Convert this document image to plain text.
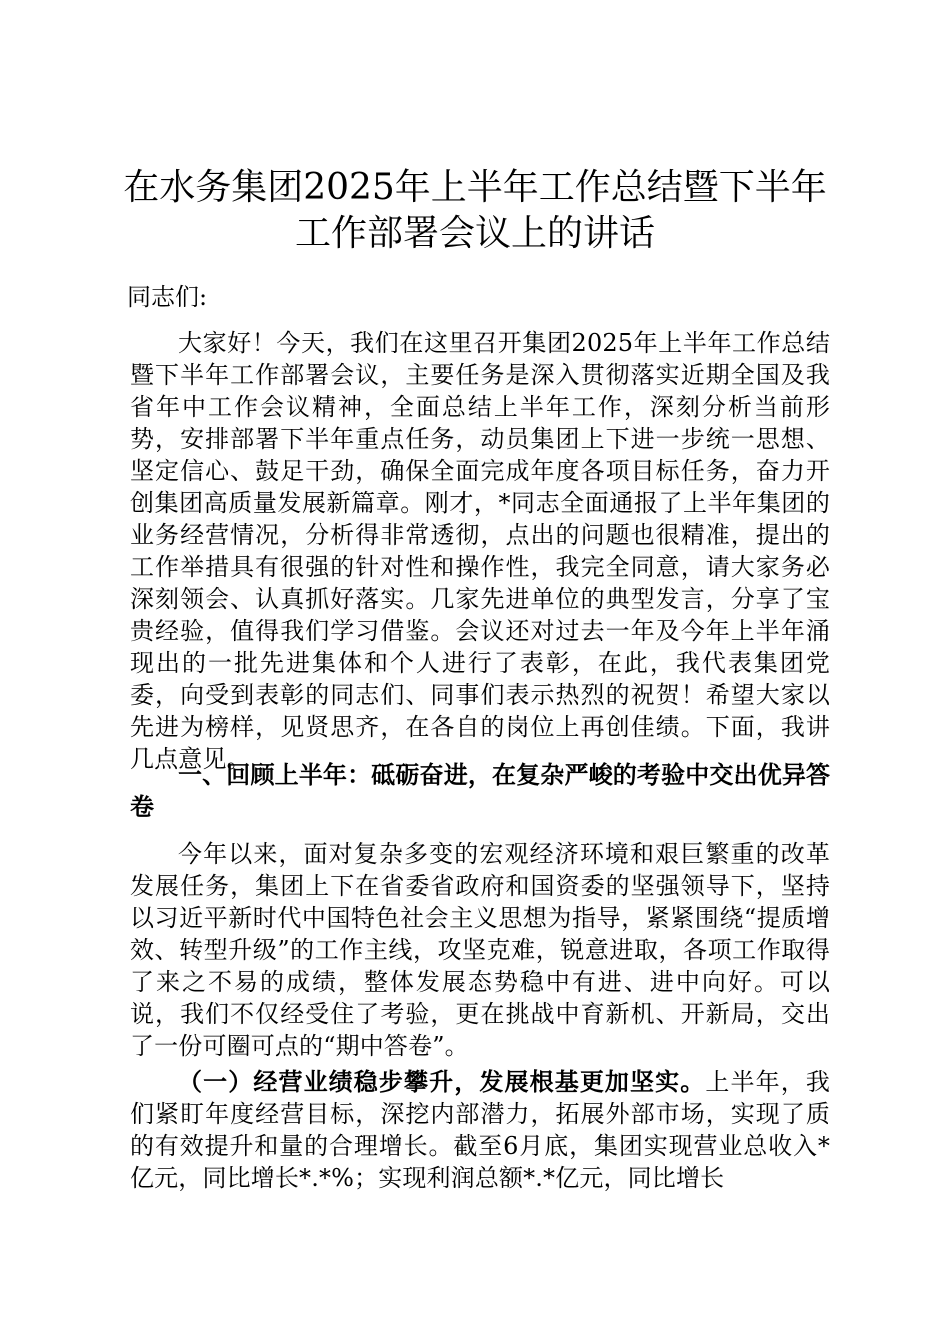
在水务集团2025年上半年工作总结暨下半年
工作部署会议上的讲话

同志们:

大家好！今天，我们在这里召开集团2025年上半年工作总结暨下半年工作部署会议，主要任务是深入贯彻落实近期全国及我省年中工作会议精神，全面总结上半年工作，深刻分析当前形势，安排部署下半年重点任务，动员集团上下进一步统一思想、坚定信心、鼓足干劲，确保全面完成年度各项目标任务，奋力开创集团高质量发展新篇章。刚才，*同志全面通报了上半年集团的业务经营情况，分析得非常透彻，点出的问题也很精准，提出的工作举措具有很强的针对性和操作性，我完全同意，请大家务必深刻领会、认真抓好落实。几家先进单位的典型发言，分享了宝贵经验，值得我们学习借鉴。会议还对过去一年及今年上半年涌现出的一批先进集体和个人进行了表彰，在此，我代表集团党委，向受到表彰的同志们、同事们表示热烈的祝贺！希望大家以先进为榜样，见贤思齐，在各自的岗位上再创佳绩。下面，我讲几点意见。

一、回顾上半年：砥砺奋进，在复杂严峻的考验中交出优异答卷

今年以来，面对复杂多变的宏观经济环境和艰巨繁重的改革发展任务，集团上下在省委省政府和国资委的坚强领导下，坚持以习近平新时代中国特色社会主义思想为指导，紧紧围绕“提质增效、转型升级”的工作主线，攻坚克难，锐意进取，各项工作取得了来之不易的成绩，整体发展态势稳中有进、进中向好。可以说，我们不仅经受住了考验，更在挑战中育新机、开新局，交出了一份可圈可点的“期中答卷”。

（一）经营业绩稳步攀升，发展根基更加坚实。上半年，我们紧盯年度经营目标，深挖内部潜力，拓展外部市场，实现了质的有效提升和量的合理增长。截至6月底，集团实现营业总收入*亿元，同比增长*.*%；实现利润总额*.*亿元，同比增长
